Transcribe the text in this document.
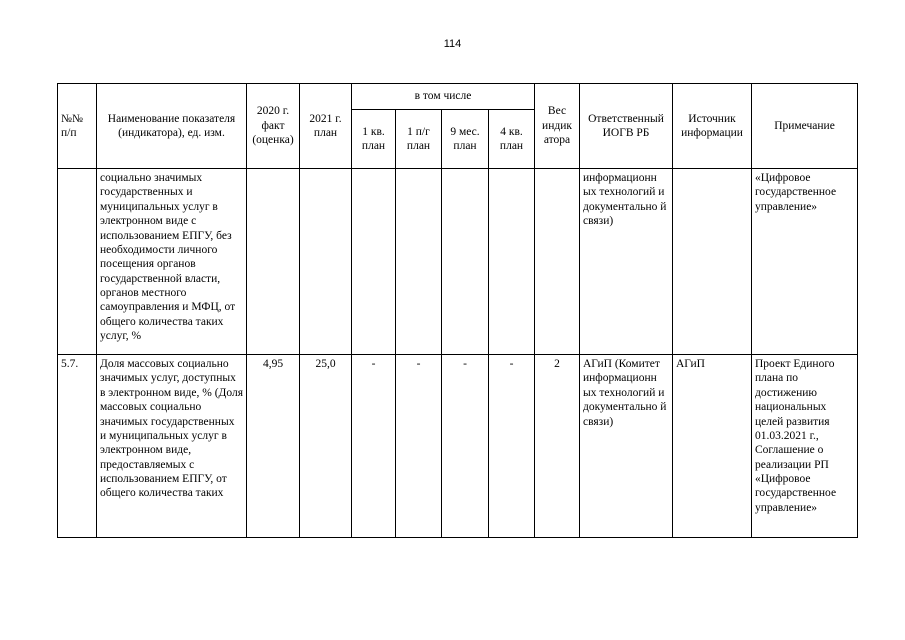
114
№№ п/п	Наименование показателя (индикатора), ед. изм.	2020 г. факт (оценка)	2021 г. план	в том числе				Вес индик атора	Ответственный ИОГВ РБ	Источник информации	Примечание
				1 кв. план	1 п/г план	9 мес. план	4 кв. план				
	социально значимых государственных и муниципальных услуг в электронном виде с использованием ЕПГУ, без необходимости личного посещения органов государственной власти, органов местного самоуправления и МФЦ, от общего количества таких услуг, %								информационн ых технологий и документально й связи)		«Цифровое государственное управление»
5.7.	Доля массовых социально значимых услуг, доступных в электронном виде, % (Доля массовых социально значимых государственных и муниципальных услуг в электронном виде, предоставляемых с использованием ЕПГУ, от общего количества таких	4,95	25,0	-	-	-	-	2	АГиП (Комитет информационн ых технологий и документально й связи)	АГиП	Проект Единого плана по достижению национальных целей развития 01.03.2021 г., Соглашение о реализации РП «Цифровое государственное управление»
